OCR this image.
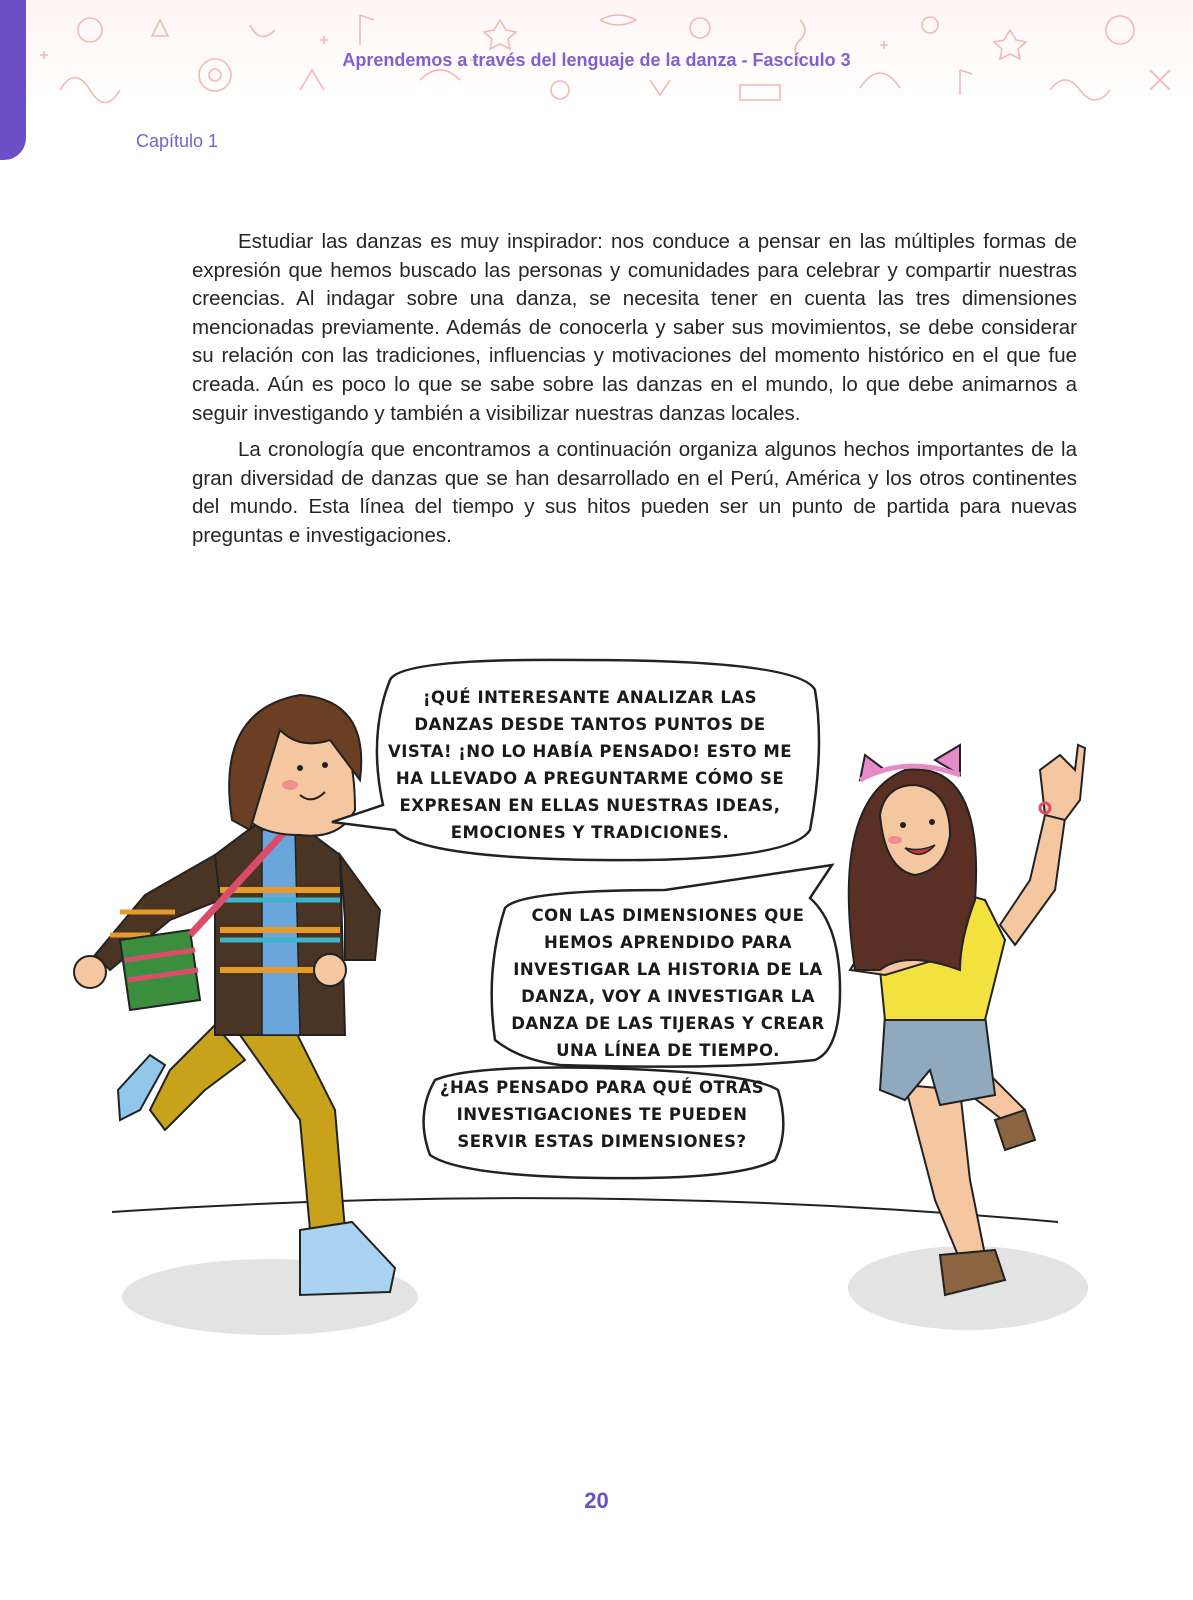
Aprendemos a través del lenguaje de la danza - Fascículo 3
Capítulo 1

Estudiar las danzas es muy inspirador: nos conduce a pensar en las múltiples formas de expresión que hemos buscado las personas y comunidades para celebrar y compartir nuestras creencias. Al indagar sobre una danza, se necesita tener en cuenta las tres dimensiones mencionadas previamente. Además de conocerla y saber sus movimientos, se debe considerar su relación con las tradiciones, influencias y motivaciones del momento histórico en el que fue creada. Aún es poco lo que se sabe sobre las danzas en el mundo, lo que debe animarnos a seguir investigando y también a visibilizar nuestras danzas locales.

La cronología que encontramos a continuación organiza algunos hechos importantes de la gran diversidad de danzas que se han desarrollado en el Perú, América y los otros continentes del mundo. Esta línea del tiempo y sus hitos pueden ser un punto de partida para nuevas preguntas e investigaciones.

¡QUÉ INTERESANTE ANALIZAR LAS DANZAS DESDE TANTOS PUNTOS DE VISTA! ¡NO LO HABÍA PENSADO! ESTO ME HA LLEVADO A PREGUNTARME CÓMO SE EXPRESAN EN ELLAS NUESTRAS IDEAS, EMOCIONES Y TRADICIONES.
CON LAS DIMENSIONES QUE HEMOS APRENDIDO PARA INVESTIGAR LA HISTORIA DE LA DANZA, VOY A INVESTIGAR LA DANZA DE LAS TIJERAS Y CREAR UNA LÍNEA DE TIEMPO.
¿HAS PENSADO PARA QUÉ OTRAS INVESTIGACIONES TE PUEDEN SERVIR ESTAS DIMENSIONES?
20
